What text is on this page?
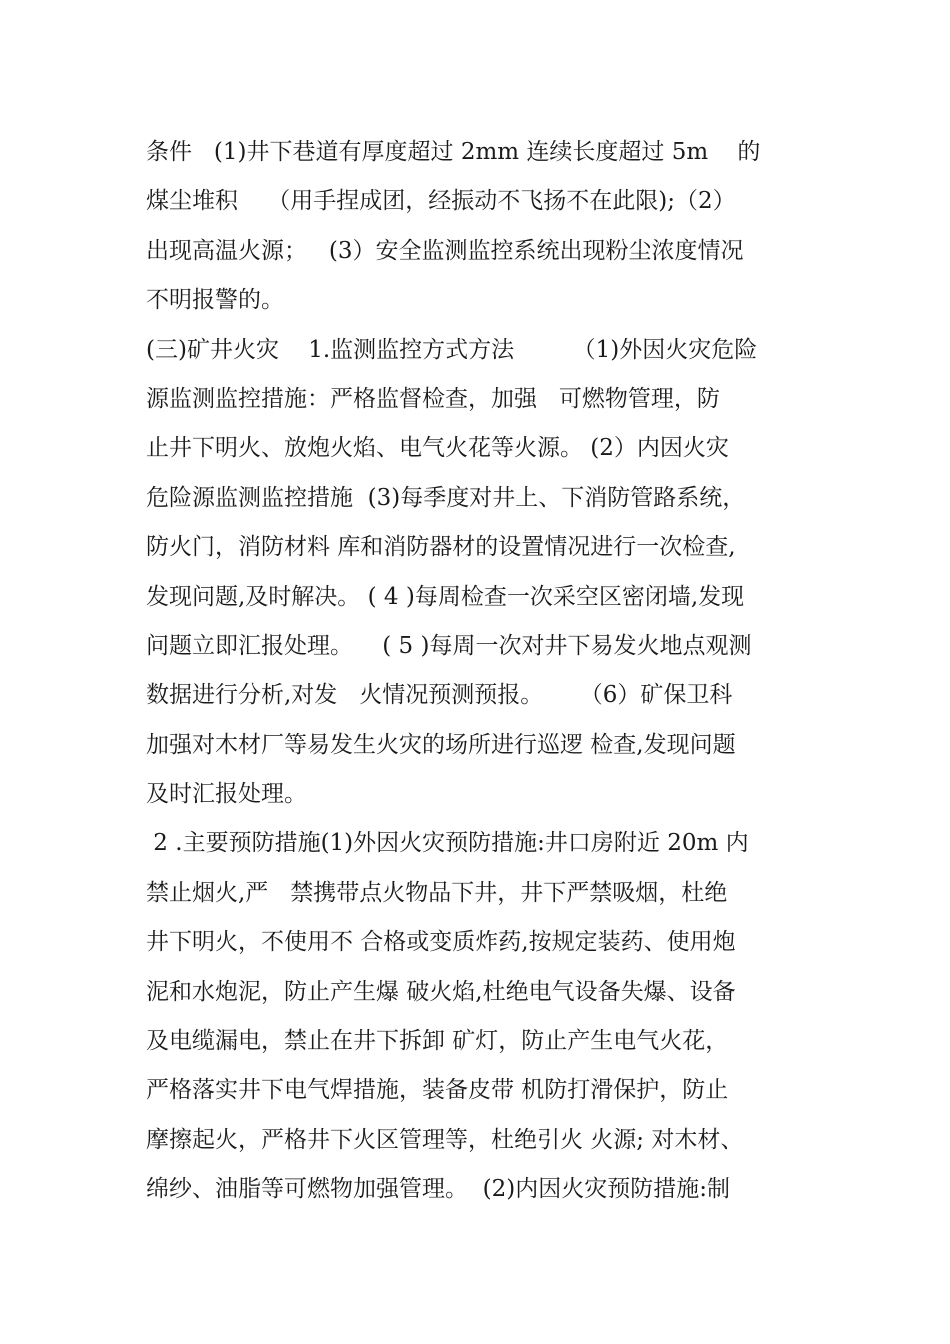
条件   (1)井下巷道有厚度超过 2mm 连续长度超过 5m    的
煤尘堆积    （用手捏成团，经振动不飞扬不在此限);（2）
出现高温火源；   (3）安全监测监控系统出现粉尘浓度情况
不明报警的。
(三)矿井火灾    1.监测监控方式方法        （1)外因火灾危险
源监测监控措施：严格监督检查，加强   可燃物管理，防
止井下明火、放炮火焰、电气火花等火源。 (2）内因火灾
危险源监测监控措施  (3)每季度对井上、下消防管路系统，
防火门，消防材料 库和消防器材的设置情况进行一次检查,
发现问题,及时解决。 ( 4 )每周检查一次采空区密闭墙,发现
问题立即汇报处理。    ( 5 )每周一次对井下易发火地点观测
数据进行分析,对发   火情况预测预报。     （6）矿保卫科
加强对木材厂等易发生火灾的场所进行巡逻 检查,发现问题
及时汇报处理。
2 .主要预防措施(1)外因火灾预防措施:井口房附近 20m 内
禁止烟火,严   禁携带点火物品下井，井下严禁吸烟，杜绝
井下明火，不使用不 合格或变质炸药,按规定装药、使用炮
泥和水炮泥，防止产生爆 破火焰,杜绝电气设备失爆、设备
及电缆漏电，禁止在井下拆卸 矿灯，防止产生电气火花，
严格落实井下电气焊措施，装备皮带 机防打滑保护，防止
摩擦起火，严格井下火区管理等，杜绝引火 火源; 对木材、
绵纱、油脂等可燃物加强管理。  (2)内因火灾预防措施:制
